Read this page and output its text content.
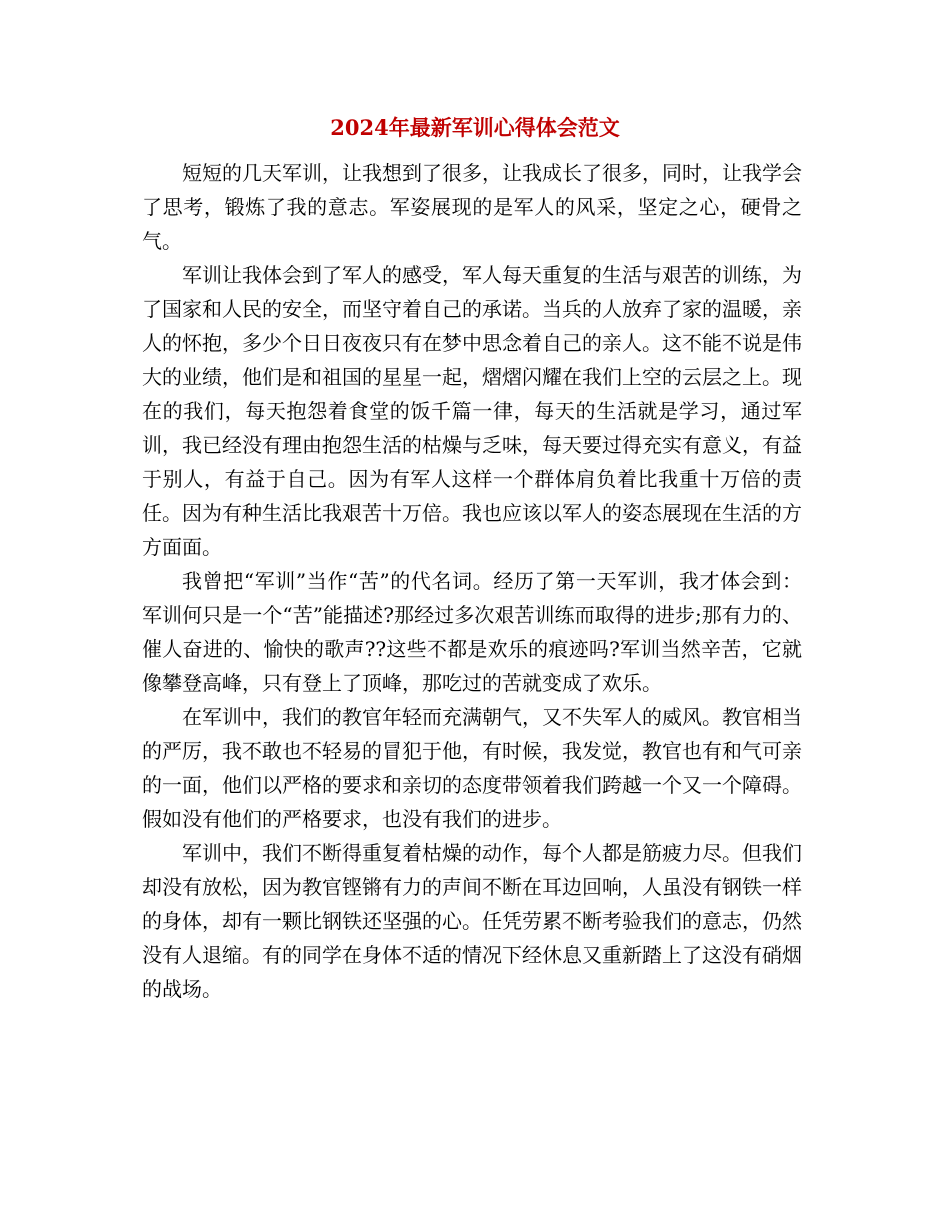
2024年最新军训心得体会范文

短短的几天军训，让我想到了很多，让我成长了很多，同时，让我学会了思考，锻炼了我的意志。军姿展现的是军人的风采，坚定之心，硬骨之气。

军训让我体会到了军人的感受，军人每天重复的生活与艰苦的训练，为了国家和人民的安全，而坚守着自己的承诺。当兵的人放弃了家的温暖，亲人的怀抱，多少个日日夜夜只有在梦中思念着自己的亲人。这不能不说是伟大的业绩，他们是和祖国的星星一起，熠熠闪耀在我们上空的云层之上。现在的我们，每天抱怨着食堂的饭千篇一律，每天的生活就是学习，通过军训，我已经没有理由抱怨生活的枯燥与乏味，每天要过得充实有意义，有益于别人，有益于自己。因为有军人这样一个群体肩负着比我重十万倍的责任。因为有种生活比我艰苦十万倍。我也应该以军人的姿态展现在生活的方方面面。

我曾把“军训”当作“苦”的代名词。经历了第一天军训，我才体会到：军训何只是一个“苦”能描述?那经过多次艰苦训练而取得的进步;那有力的、催人奋进的、愉快的歌声??这些不都是欢乐的痕迹吗?军训当然辛苦，它就像攀登高峰，只有登上了顶峰，那吃过的苦就变成了欢乐。

在军训中，我们的教官年轻而充满朝气，又不失军人的威风。教官相当的严厉，我不敢也不轻易的冒犯于他，有时候，我发觉，教官也有和气可亲的一面，他们以严格的要求和亲切的态度带领着我们跨越一个又一个障碍。假如没有他们的严格要求，也没有我们的进步。

军训中，我们不断得重复着枯燥的动作，每个人都是筋疲力尽。但我们却没有放松，因为教官铿锵有力的声间不断在耳边回响，人虽没有钢铁一样的身体，却有一颗比钢铁还坚强的心。任凭劳累不断考验我们的意志，仍然没有人退缩。有的同学在身体不适的情况下经休息又重新踏上了这没有硝烟的战场。
